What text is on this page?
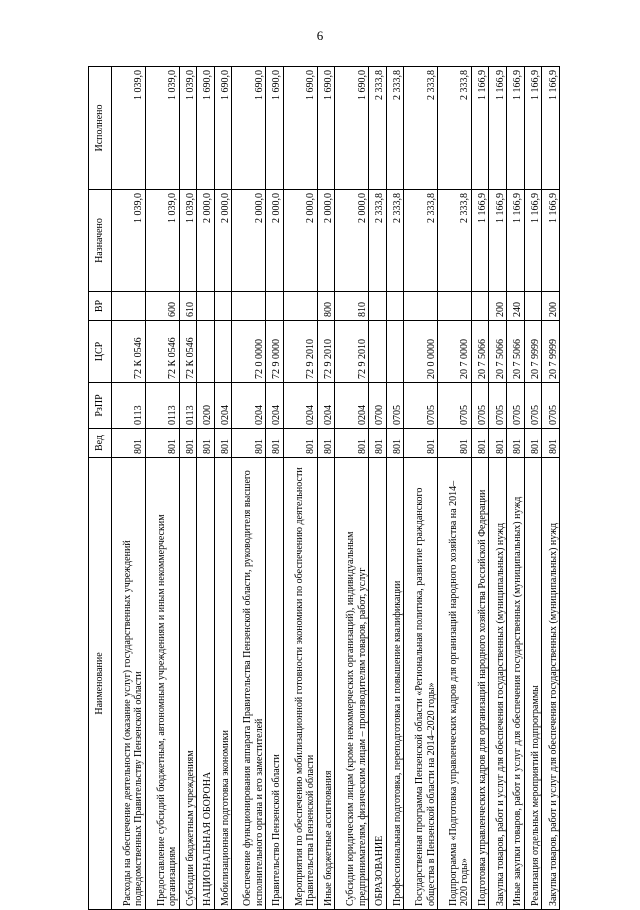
6
Наименование	Вед	РзПР	ЦСР	ВР	Назначено	Исполнено
Расходы на обеспечение деятельности (оказание услуг) государственных учреждений подведомственных Правительству Пензенской области	801	0113	72 К 0546		1 039,0	1 039,0
Предоставление субсидий бюджетным, автономным учреждениям и иным некоммерческим организациям	801	0113	72 К 0546	600	1 039,0	1 039,0
Субсидии бюджетным учреждениям	801	0113	72 К 0546	610	1 039,0	1 039,0
НАЦИОНАЛЬНАЯ ОБОРОНА	801	0200			2 000,0	1 690,0
Мобилизационная подготовка экономики	801	0204			2 000,0	1 690,0
Обеспечение функционирования аппарата Правительства Пензенской области, руководителя высшего исполнительного органа и его заместителей	801	0204	72 0 0000		2 000,0	1 690,0
Правительство Пензенской области	801	0204	72 9 0000		2 000,0	1 690,0
Мероприятия по обеспечению мобилизационной готовности экономики по обеспечению деятельности Правительства Пензенской области	801	0204	72 9 2010		2 000,0	1 690,0
Иные бюджетные ассигнования	801	0204	72 9 2010	800	2 000,0	1 690,0
Субсидии юридическим лицам (кроме некоммерческих организаций), индивидуальным предпринимателям, физическим лицам – производителям товаров, работ, услуг	801	0204	72 9 2010	810	2 000,0	1 690,0
ОБРАЗОВАНИЕ	801	0700			2 333,8	2 333,8
Профессиональная подготовка, переподготовка и повышение квалификации	801	0705			2 333,8	2 333,8
Государственная программа Пензенской области «Региональная политика, развитие гражданского общества в Пензенской области на 2014–2020 годы»	801	0705	20 0 0000		2 333,8	2 333,8
Подпрограмма «Подготовка управленческих кадров для организаций народного хозяйства на 2014–2020 годы»	801	0705	20 7 0000		2 333,8	2 333,8
Подготовка управленческих кадров для организаций народного хозяйства Российской Федерации	801	0705	20 7 5066		1 166,9	1 166,9
Закупка товаров, работ и услуг для обеспечения государственных (муниципальных) нужд	801	0705	20 7 5066	200	1 166,9	1 166,9
Иные закупки товаров, работ и услуг для обеспечения государственных (муниципальных) нужд	801	0705	20 7 5066	240	1 166,9	1 166,9
Реализация отдельных мероприятий подпрограммы	801	0705	20 7 9999		1 166,9	1 166,9
Закупка товаров, работ и услуг для обеспечения государственных (муниципальных) нужд	801	0705	20 7 9999	200	1 166,9	1 166,9
